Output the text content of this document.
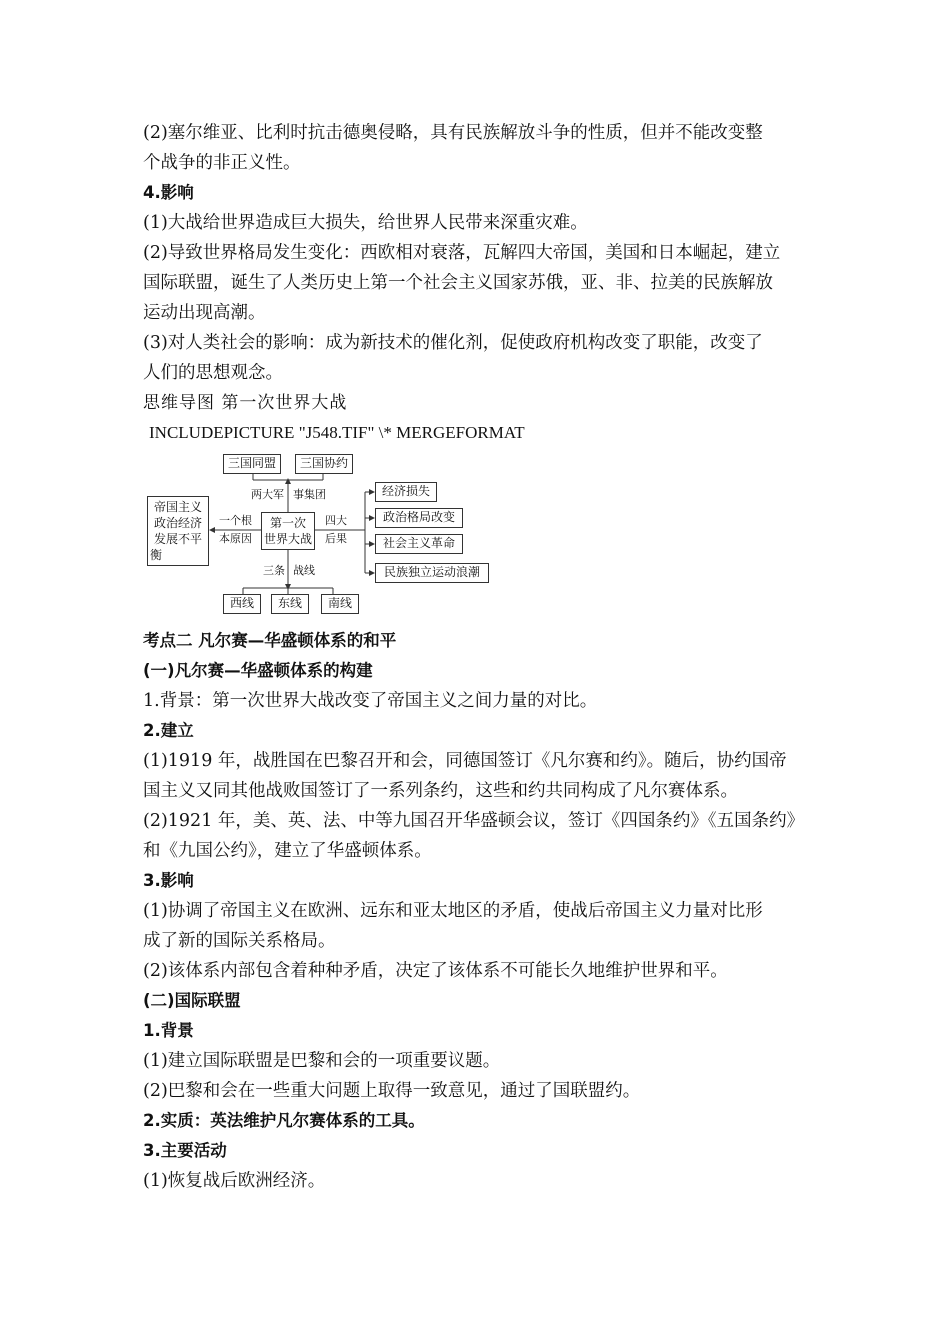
(2)塞尔维亚、比利时抗击德奥侵略，具有民族解放斗争的性质，但并不能改变整

个战争的非正义性。

4.影响

(1)大战给世界造成巨大损失，给世界人民带来深重灾难。

(2)导致世界格局发生变化：西欧相对衰落，瓦解四大帝国，美国和日本崛起，建立

国际联盟，诞生了人类历史上第一个社会主义国家苏俄，亚、非、拉美的民族解放

运动出现高潮。

(3)对人类社会的影响：成为新技术的催化剂，促使政府机构改变了职能，改变了

人们的思想观念。

思维导图 第一次世界大战

INCLUDEPICTURE "J548.TIF" \* MERGEFORMAT

三国同盟	三国协约
两大军 事集团
第一次
世界大战
帝国主义
政治经济
发展不平
衡
一个根
本原因
四大
后果
经济损失
政治格局改变
社会主义革命
民族独立运动浪潮
三条 战线
西线	东线	南线

考点二 凡尔赛—华盛顿体系的和平

(一)凡尔赛—华盛顿体系的构建

1.背景：第一次世界大战改变了帝国主义之间力量的对比。

2.建立

(1)1919 年，战胜国在巴黎召开和会，同德国签订《凡尔赛和约》。随后，协约国帝

国主义又同其他战败国签订了一系列条约，这些和约共同构成了凡尔赛体系。

(2)1921 年，美、英、法、中等九国召开华盛顿会议，签订《四国条约》《五国条约》

和《九国公约》，建立了华盛顿体系。

3.影响

(1)协调了帝国主义在欧洲、远东和亚太地区的矛盾，使战后帝国主义力量对比形

成了新的国际关系格局。

(2)该体系内部包含着种种矛盾，决定了该体系不可能长久地维护世界和平。

(二)国际联盟

1.背景

(1)建立国际联盟是巴黎和会的一项重要议题。

(2)巴黎和会在一些重大问题上取得一致意见，通过了国联盟约。

2.实质：英法维护凡尔赛体系的工具。

3.主要活动

(1)恢复战后欧洲经济。
